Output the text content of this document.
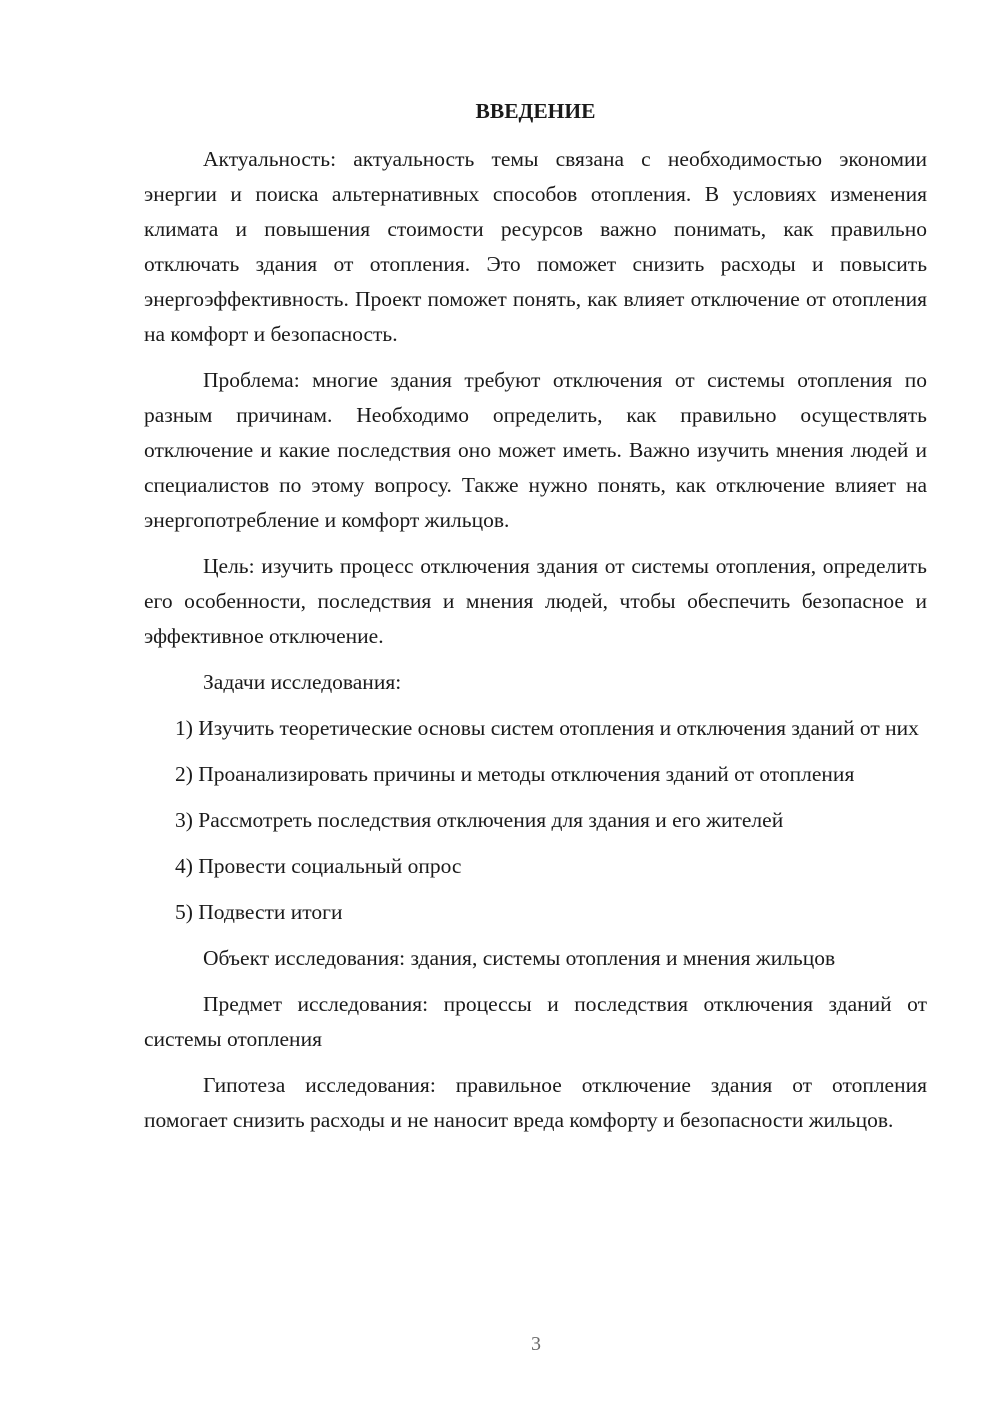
ВВЕДЕНИЕ

Актуальность: актуальность темы связана с необходимостью экономии энергии и поиска альтернативных способов отопления. В условиях изменения климата и повышения стоимости ресурсов важно понимать, как правильно отключать здания от отопления. Это поможет снизить расходы и повысить энергоэффективность. Проект поможет понять, как влияет отключение от отопления на комфорт и безопасность.

Проблема: многие здания требуют отключения от системы отопления по разным причинам. Необходимо определить, как правильно осуществлять отключение и какие последствия оно может иметь. Важно изучить мнения людей и специалистов по этому вопросу. Также нужно понять, как отключение влияет на энергопотребление и комфорт жильцов.

Цель: изучить процесс отключения здания от системы отопления, определить его особенности, последствия и мнения людей, чтобы обеспечить безопасное и эффективное отключение.

Задачи исследования:

1) Изучить теоретические основы систем отопления и отключения зданий от них

2) Проанализировать причины и методы отключения зданий от отопления

3) Рассмотреть последствия отключения для здания и его жителей

4) Провести социальный опрос

5) Подвести итоги

Объект исследования: здания, системы отопления и мнения жильцов

Предмет исследования: процессы и последствия отключения зданий от системы отопления

Гипотеза исследования: правильное отключение здания от отопления помогает снизить расходы и не наносит вреда комфорту и безопасности жильцов.

3
